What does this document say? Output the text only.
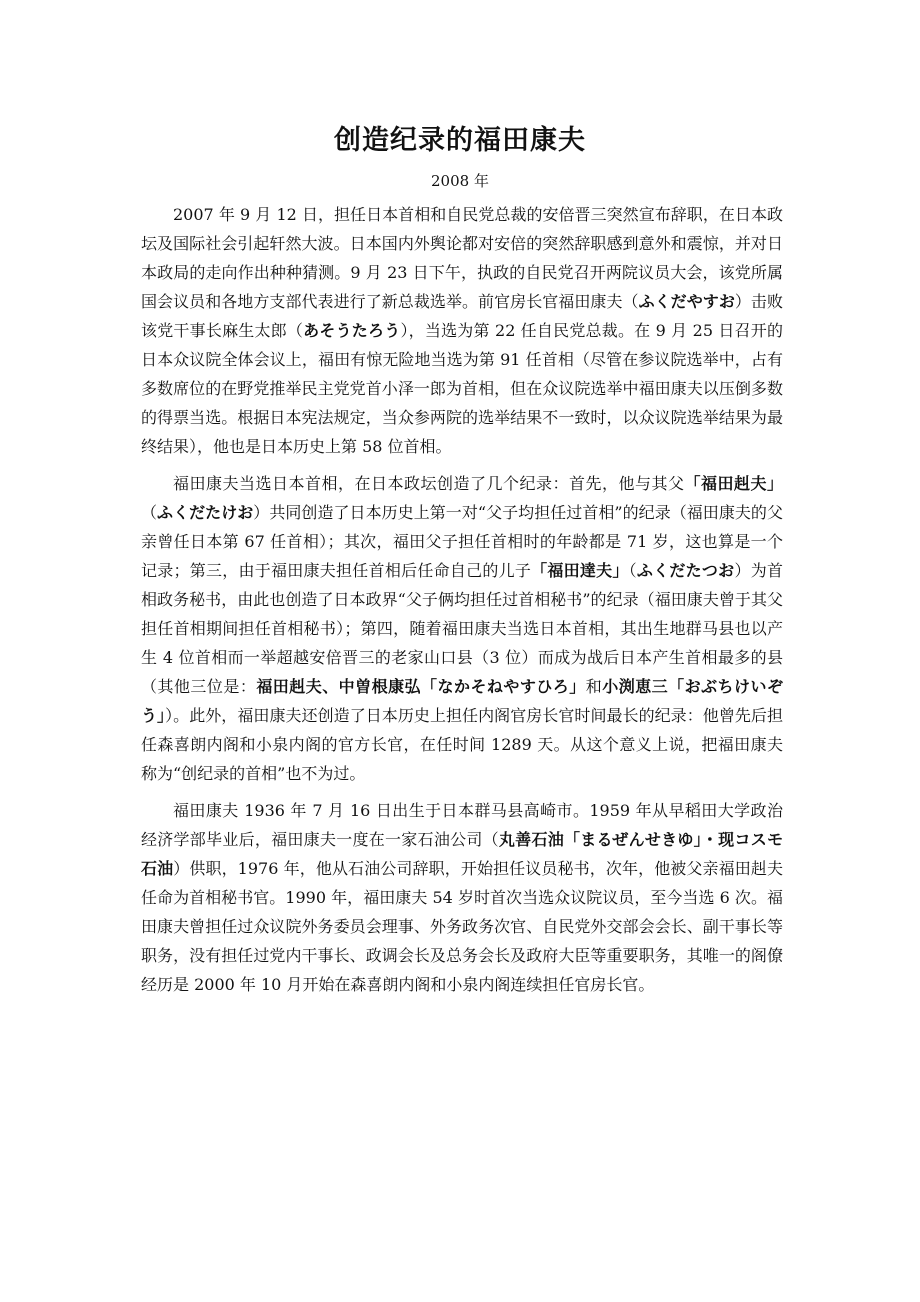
创造纪录的福田康夫

2008 年

2007 年 9 月 12 日，担任日本首相和自民党总裁的安倍晋三突然宣布辞职，在日本政坛及国际社会引起轩然大波。日本国内外舆论都对安倍的突然辞职感到意外和震惊，并对日本政局的走向作出种种猜测。9 月 23 日下午，执政的自民党召开两院议员大会，该党所属国会议员和各地方支部代表进行了新总裁选举。前官房长官福田康夫（ふくだやすお）击败该党干事长麻生太郎（あそうたろう），当选为第 22 任自民党总裁。在 9 月 25 日召开的日本众议院全体会议上，福田有惊无险地当选为第 91 任首相（尽管在参议院选举中，占有多数席位的在野党推举民主党党首小泽一郎为首相，但在众议院选举中福田康夫以压倒多数的得票当选。根据日本宪法规定，当众参两院的选举结果不一致时，以众议院选举结果为最终结果），他也是日本历史上第 58 位首相。

福田康夫当选日本首相，在日本政坛创造了几个纪录：首先，他与其父「福田赳夫」（ふくだたけお）共同创造了日本历史上第一对“父子均担任过首相”的纪录（福田康夫的父亲曾任日本第 67 任首相）；其次，福田父子担任首相时的年龄都是 71 岁，这也算是一个记录；第三，由于福田康夫担任首相后任命自己的儿子「福田達夫」（ふくだたつお）为首相政务秘书，由此也创造了日本政界“父子俩均担任过首相秘书”的纪录（福田康夫曾于其父担任首相期间担任首相秘书）；第四，随着福田康夫当选日本首相，其出生地群马县也以产生 4 位首相而一举超越安倍晋三的老家山口县（3 位）而成为战后日本产生首相最多的县（其他三位是：福田赳夫、中曽根康弘「なかそねやすひろ」和小渕恵三「おぶちけいぞう」）。此外，福田康夫还创造了日本历史上担任内阁官房长官时间最长的纪录：他曾先后担任森喜朗内阁和小泉内阁的官方长官，在任时间 1289 天。从这个意义上说，把福田康夫称为“创纪录的首相”也不为过。

福田康夫 1936 年 7 月 16 日出生于日本群马县高崎市。1959 年从早稻田大学政治经济学部毕业后，福田康夫一度在一家石油公司（丸善石油「まるぜんせきゆ」・现コスモ石油）供职，1976 年，他从石油公司辞职，开始担任议员秘书，次年，他被父亲福田赳夫任命为首相秘书官。1990 年，福田康夫 54 岁时首次当选众议院议员，至今当选 6 次。福田康夫曾担任过众议院外务委员会理事、外务政务次官、自民党外交部会会长、副干事长等职务，没有担任过党内干事长、政调会长及总务会长及政府大臣等重要职务，其唯一的阁僚经历是 2000 年 10 月开始在森喜朗内阁和小泉内阁连续担任官房长官。
